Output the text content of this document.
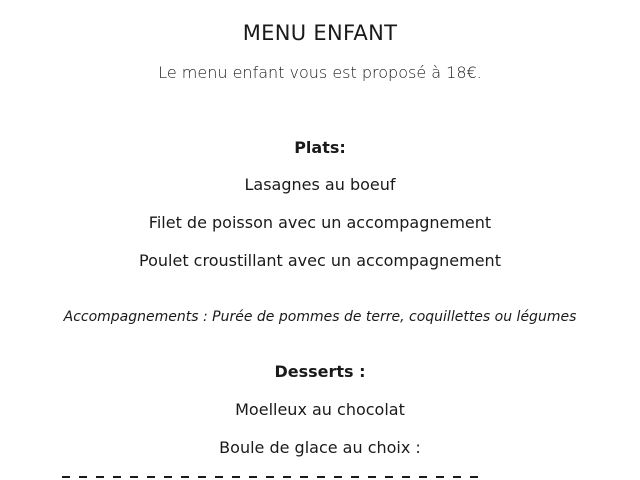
MENU ENFANT
Le menu enfant vous est proposé à 18€.
Plats:
Lasagnes au boeuf
Filet de poisson avec un accompagnement
Poulet croustillant avec un accompagnement
Accompagnements : Purée de pommes de terre, coquillettes ou légumes
Desserts :
Moelleux au chocolat
Boule de glace au choix :
